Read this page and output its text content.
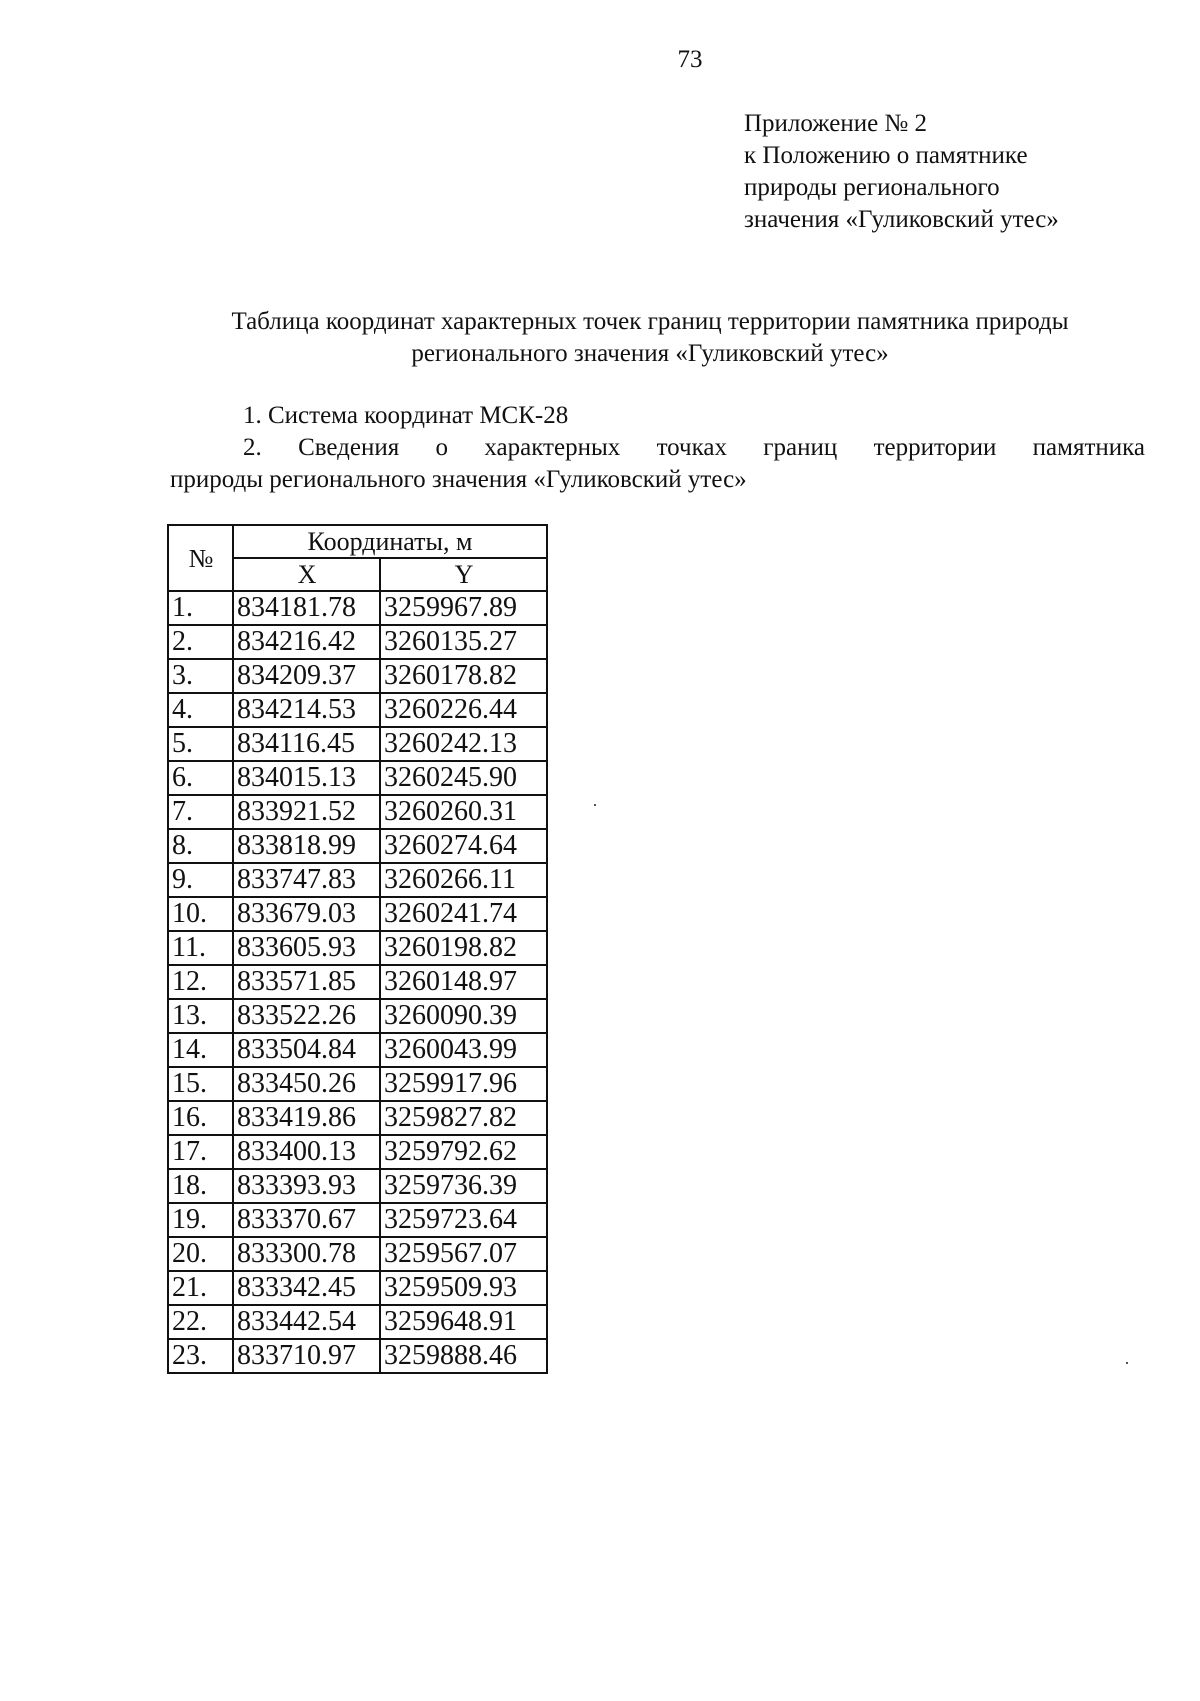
73
Приложение № 2
к Положению о памятнике
природы регионального
значения «Гуликовский утес»
Таблица координат характерных точек границ территории памятника природы
регионального значения «Гуликовский утес»
1. Система координат МСК-28
2. Сведения о характерных точках границ территории памятника
природы регионального значения «Гуликовский утес»
№	Координаты, м	
	X	Y
1.	834181.78	3259967.89
2.	834216.42	3260135.27
3.	834209.37	3260178.82
4.	834214.53	3260226.44
5.	834116.45	3260242.13
6.	834015.13	3260245.90
7.	833921.52	3260260.31
8.	833818.99	3260274.64
9.	833747.83	3260266.11
10.	833679.03	3260241.74
11.	833605.93	3260198.82
12.	833571.85	3260148.97
13.	833522.26	3260090.39
14.	833504.84	3260043.99
15.	833450.26	3259917.96
16.	833419.86	3259827.82
17.	833400.13	3259792.62
18.	833393.93	3259736.39
19.	833370.67	3259723.64
20.	833300.78	3259567.07
21.	833342.45	3259509.93
22.	833442.54	3259648.91
23.	833710.97	3259888.46
